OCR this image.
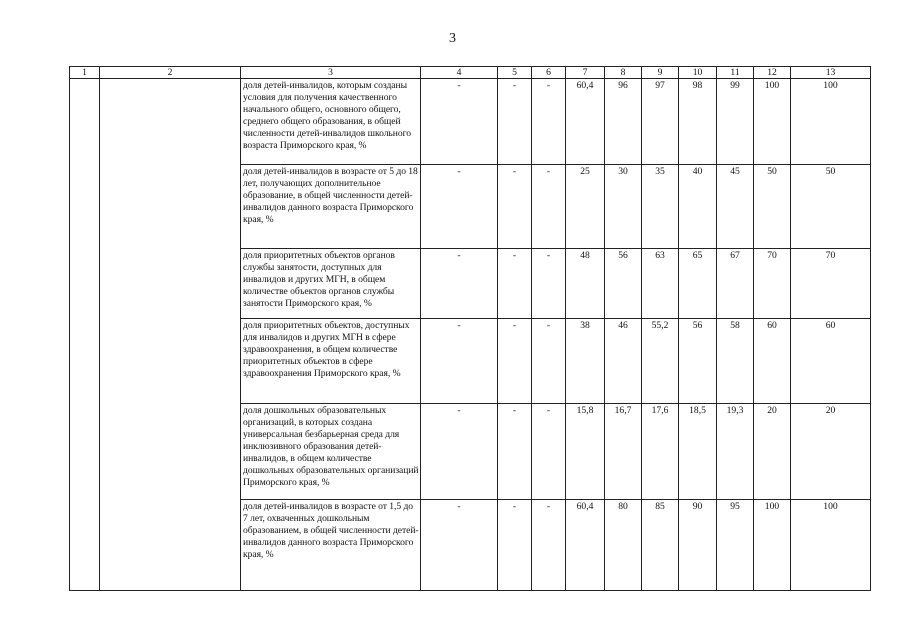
3
1	2	3	4	5	6	7	8	9	10	11	12	13
		доля детей-инвалидов, которым созданы условия для получения качественного начального общего, основного общего, среднего общего образования, в общей численности детей-инвалидов школьного возраста Приморского края, %	-	-	-	60,4	96	97	98	99	100	100
		доля детей-инвалидов в возрасте от 5 до 18 лет, получающих дополнительное образование, в общей численности детей-инвалидов данного возраста Приморского края, %	-	-	-	25	30	35	40	45	50	50
		доля приоритетных объектов органов службы занятости, доступных для инвалидов и других МГН, в общем количестве объектов органов службы занятости Приморского края, %	-	-	-	48	56	63	65	67	70	70
		доля приоритетных объектов, доступных для инвалидов и других МГН в сфере здравоохранения, в общем количестве приоритетных объектов в сфере здравоохранения Приморского края, %	-	-	-	38	46	55,2	56	58	60	60
		доля дошкольных образовательных организаций, в которых создана универсальная безбарьерная среда для инклюзивного образования детей-инвалидов, в общем количестве дошкольных образовательных организаций Приморского края, %	-	-	-	15,8	16,7	17,6	18,5	19,3	20	20
		доля детей-инвалидов в возрасте от 1,5 до 7 лет, охваченных дошкольным образованием, в общей численности детей-инвалидов данного возраста Приморского края, %	-	-	-	60,4	80	85	90	95	100	100
